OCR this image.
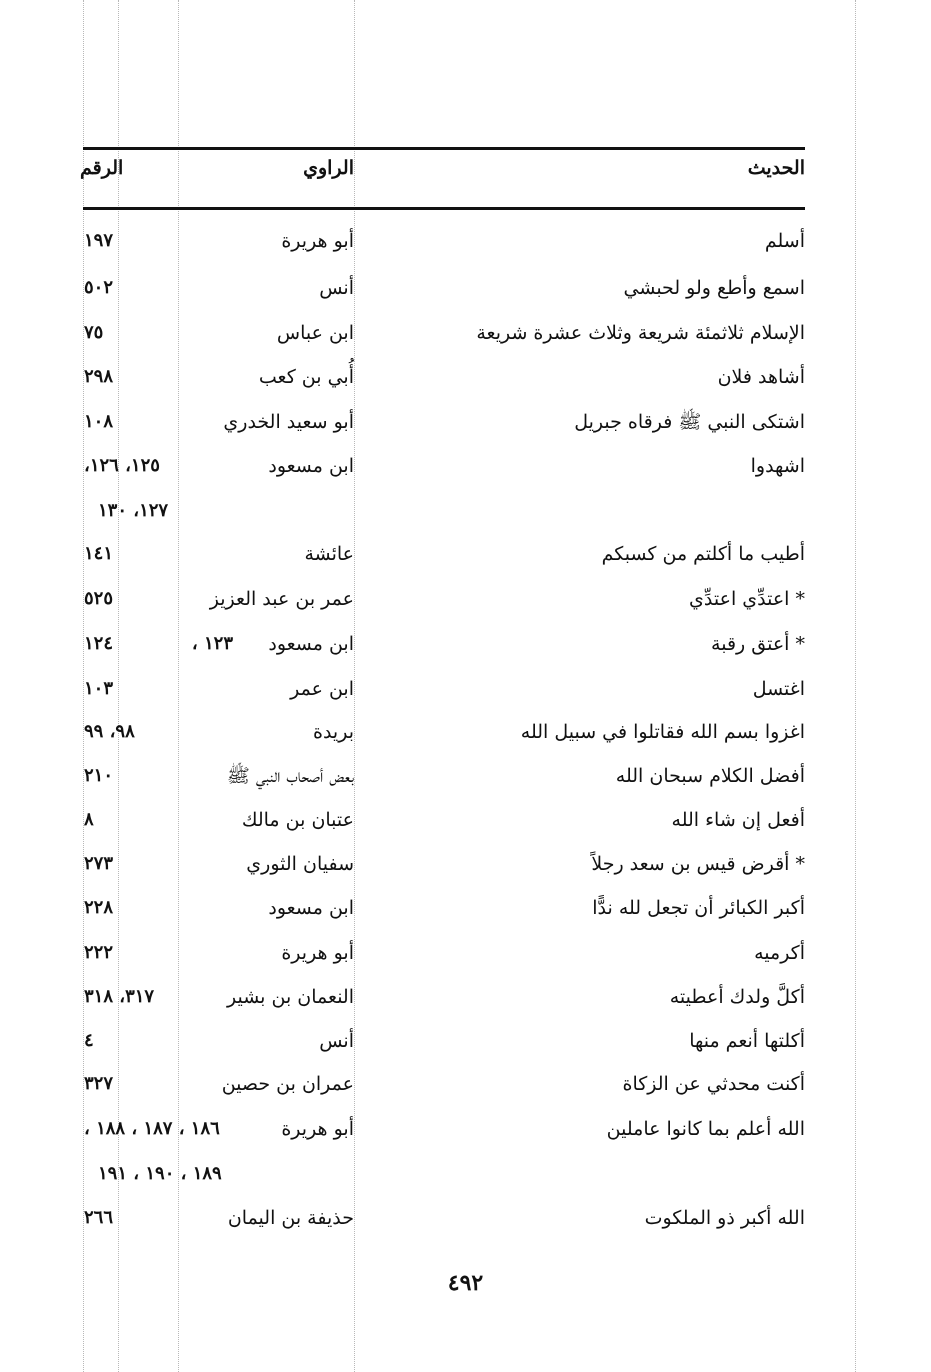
الحديث
الراوي
الرقم
أسلم
أبو هريرة
١٩٧
اسمع وأطع ولو لحبشي
أنس
٥٠٢
الإسلام ثلاثمئة شريعة وثلاث عشرة شريعة
ابن عباس
٧٥
أشاهد فلان
أُبي بن كعب
٢٩٨
اشتكى النبي ﷺ فرقاه جبريل
أبو سعيد الخدري
١٠٨
اشهدوا
ابن مسعود
١٢٥، ١٢٦،
١٢٧، ١٣٠
أطيب ما أكلتم من كسبكم
عائشة
١٤١
* اعتدِّي اعتدِّي
عمر بن عبد العزيز
٥٢٥
* أعتق رقبة
ابن مسعود
١٢٣ ،
١٢٤
اغتسل
ابن عمر
١٠٣
اغزوا بسم الله فقاتلوا في سبيل الله
بريدة
٩٨، ٩٩
أفضل الكلام سبحان الله
بعض أصحاب النبي ﷺ
٢١٠
أفعل إن شاء الله
عتبان بن مالك
٨
* أقرض قيس بن سعد رجلاً
سفيان الثوري
٢٧٣
أكبر الكبائر أن تجعل لله ندًّا
ابن مسعود
٢٢٨
أكرميه
أبو هريرة
٢٢٢
أكلَّ ولدك أعطيته
النعمان بن بشير
٣١٧، ٣١٨
أكلتها أنعم منها
أنس
٤
أكنت محدثي عن الزكاة
عمران بن حصين
٣٢٧
الله أعلم بما كانوا عاملين
أبو هريرة
١٨٦ ، ١٨٧ ، ١٨٨ ،
١٨٩ ، ١٩٠ ، ١٩١
الله أكبر ذو الملكوت
حذيفة بن اليمان
٢٦٦
٤٩٢
